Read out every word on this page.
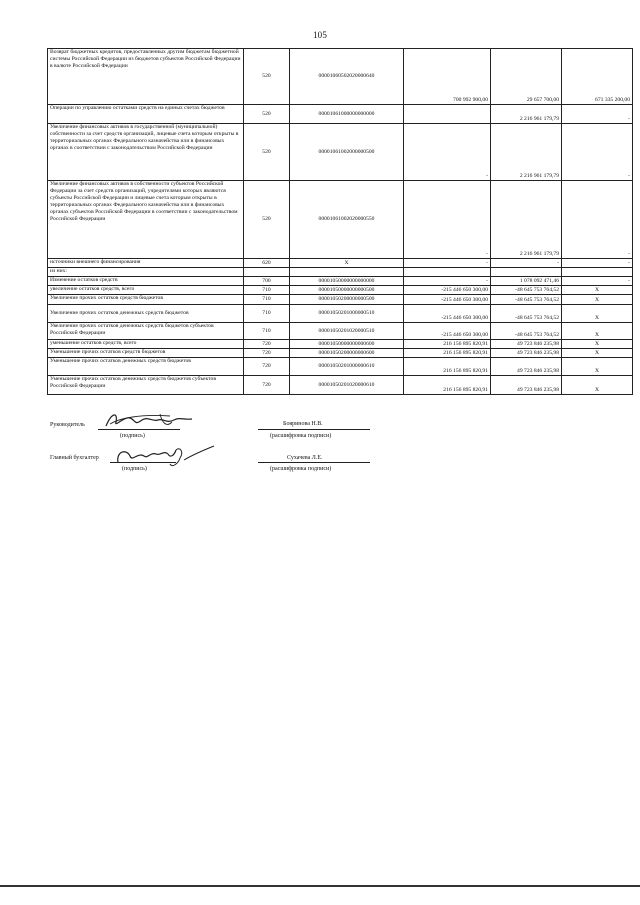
105
Возврат бюджетных кредитов, предоставленных другим бюджетам бюджетной системы Российской Федерации из бюджетов субъектов Российской Федерации в валюте Российской Федерации	520	00001060502020000640	700 992 900,00	29 657 700,00	671 335 200,00
Операции по управлению остатками средств на единых счетах бюджетов	520	00001061000000000000		2 216 961 179,79	-
Увеличение финансовых активов в государственной (муниципальной) собственности за счет средств организаций, лицевые счета которым открыты в территориальных органах Федерального казначейства или в финансовых органах в соответствии с законодательством Российской Федерации	520	00001061002000000500	-	2 216 961 179,79	-
Увеличение финансовых активов в собственности субъектов Российской Федерации за счет средств организаций, учредителями которых являются субъекты Российской Федерации и лицевые счета которым открыты в территориальных органах Федерального казначейства или в финансовых органах субъектов Российской Федерации в соответствии с законодательством Российской Федерации	520	00001061002020000550	-	2 216 961 179,79	-
источники внешнего финансирования	620	X	-	-	-
из них:					
Изменение остатков средств	700	00001050000000000000	-	1 078 092 471,46	-
увеличение остатков средств, всего	710	00001050000000000500	-215 446 650 300,00	-48 645 753 764,52	X
Увеличение прочих остатков средств бюджетов	710	00001050200000000500	-215 446 650 300,00	-48 645 753 764,52	X
Увеличение прочих остатков денежных средств бюджетов	710	00001050201000000510	-215 446 650 300,00	-48 645 753 764,52	X
Увеличение прочих остатков денежных средств бюджетов субъектов Российской Федерации	710	00001050201020000510	-215 446 650 300,00	-48 645 753 764,52	X
уменьшение остатков средств, всего	720	00001050000000000600	216 156 895 820,91	49 723 846 235,98	X
Уменьшение прочих остатков средств бюджетов	720	00001050200000000600	216 156 895 820,91	49 723 846 235,98	X
Уменьшение прочих остатков денежных средств бюджетов	720	00001050201000000610	216 156 895 820,91	49 723 846 235,98	X
Уменьшение прочих остатков денежных средств бюджетов субъектов Российской Федерации	720	00001050201020000610	216 156 895 820,91	49 723 846 235,98	X
Руководитель
(подпись)
Бояринова Н.В.
(расшифровка подписи)
Главный бухгалтер
(подпись)
Сухачева Л.Е.
(расшифровка подписи)
